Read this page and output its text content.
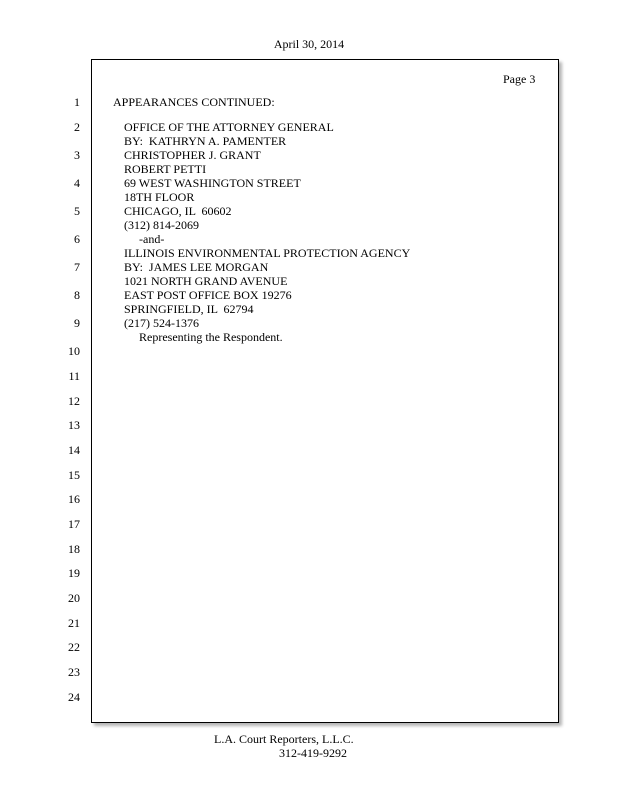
April 30, 2014
Page 3
1
2
3
4
5
6
7
8
9
10
11
12
13
14
15
16
17
18
19
20
21
22
23
24
APPEARANCES CONTINUED:
OFFICE OF THE ATTORNEY GENERAL
BY:  KATHRYN A. PAMENTER
CHRISTOPHER J. GRANT
ROBERT PETTI
69 WEST WASHINGTON STREET
18TH FLOOR
CHICAGO, IL  60602
(312) 814-2069
-and-
ILLINOIS ENVIRONMENTAL PROTECTION AGENCY
BY:  JAMES LEE MORGAN
1021 NORTH GRAND AVENUE
EAST POST OFFICE BOX 19276
SPRINGFIELD, IL  62794
(217) 524-1376
Representing the Respondent.
L.A. Court Reporters, L.L.C.
312-419-9292
